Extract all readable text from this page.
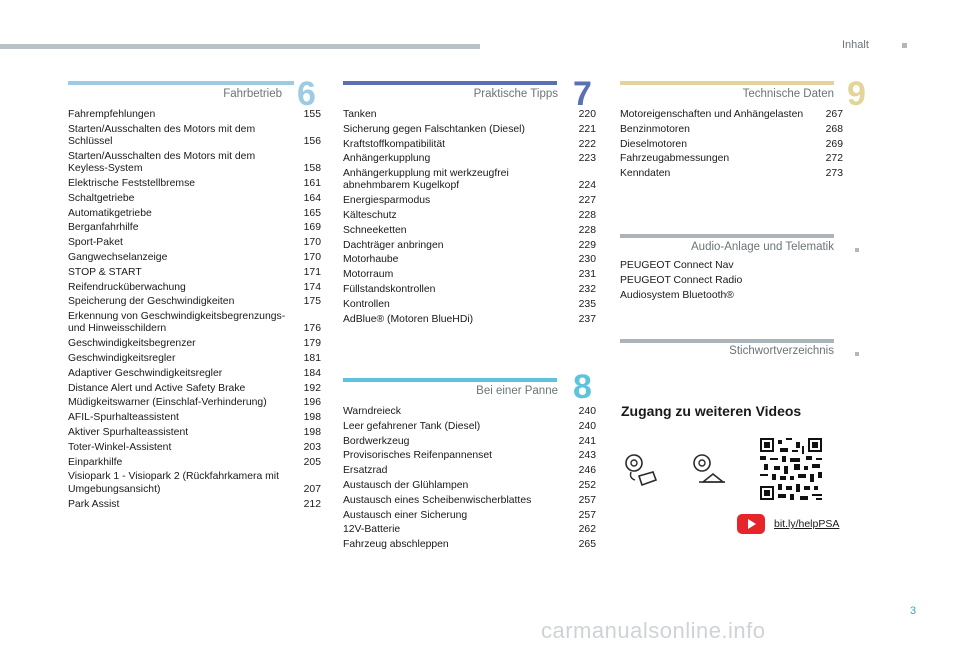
Inhalt
Fahrbetrieb 6
Fahrempfehlungen	155
Starten/Ausschalten des Motors mit dem Schlüssel	156
Starten/Ausschalten des Motors mit dem Keyless-System	158
Elektrische Feststellbremse	161
Schaltgetriebe	164
Automatikgetriebe	165
Berganfahrhilfe	169
Sport-Paket	170
Gangwechselanzeige	170
STOP & START	171
Reifendrucküberwachung	174
Speicherung der Geschwindigkeiten	175
Erkennung von Geschwindigkeitsbegrenzungs- und Hinweisschildern	176
Geschwindigkeitsbegrenzer	179
Geschwindigkeitsregler	181
Adaptiver Geschwindigkeitsregler	184
Distance Alert und Active Safety Brake	192
Müdigkeitswarner (Einschlaf-Verhinderung)	196
AFIL-Spurhalteassistent	198
Aktiver Spurhalteassistent	198
Toter-Winkel-Assistent	203
Einparkhilfe	205
Visiopark 1 - Visiopark 2 (Rückfahrkamera mit Umgebungsansicht)	207
Park Assist	212
Praktische Tipps 7
Tanken	220
Sicherung gegen Falschtanken (Diesel)	221
Kraftstoffkompatibilität	222
Anhängerkupplung	223
Anhängerkupplung mit werkzeugfrei abnehmbarem Kugelkopf	224
Energiesparmodus	227
Kälteschutz	228
Schneeketten	228
Dachträger anbringen	229
Motorhaube	230
Motorraum	231
Füllstandskontrollen	232
Kontrollen	235
AdBlue® (Motoren BlueHDi)	237
Bei einer Panne 8
Warndreieck	240
Leer gefahrener Tank (Diesel)	240
Bordwerkzeug	241
Provisorisches Reifenpannenset	243
Ersatzrad	246
Austausch der Glühlampen	252
Austausch eines Scheibenwischerblattes	257
Austausch einer Sicherung	257
12V-Batterie	262
Fahrzeug abschleppen	265
Technische Daten 9
Motoreigenschaften und Anhängelasten	267
Benzinmotoren	268
Dieselmotoren	269
Fahrzeugabmessungen	272
Kenndaten	273
Audio-Anlage und Telematik
PEUGEOT Connect Nav
PEUGEOT Connect Radio
Audiosystem Bluetooth®
Stichwortverzeichnis
Zugang zu weiteren Videos
bit.ly/helpPSA
3
carmanualsonline.info
